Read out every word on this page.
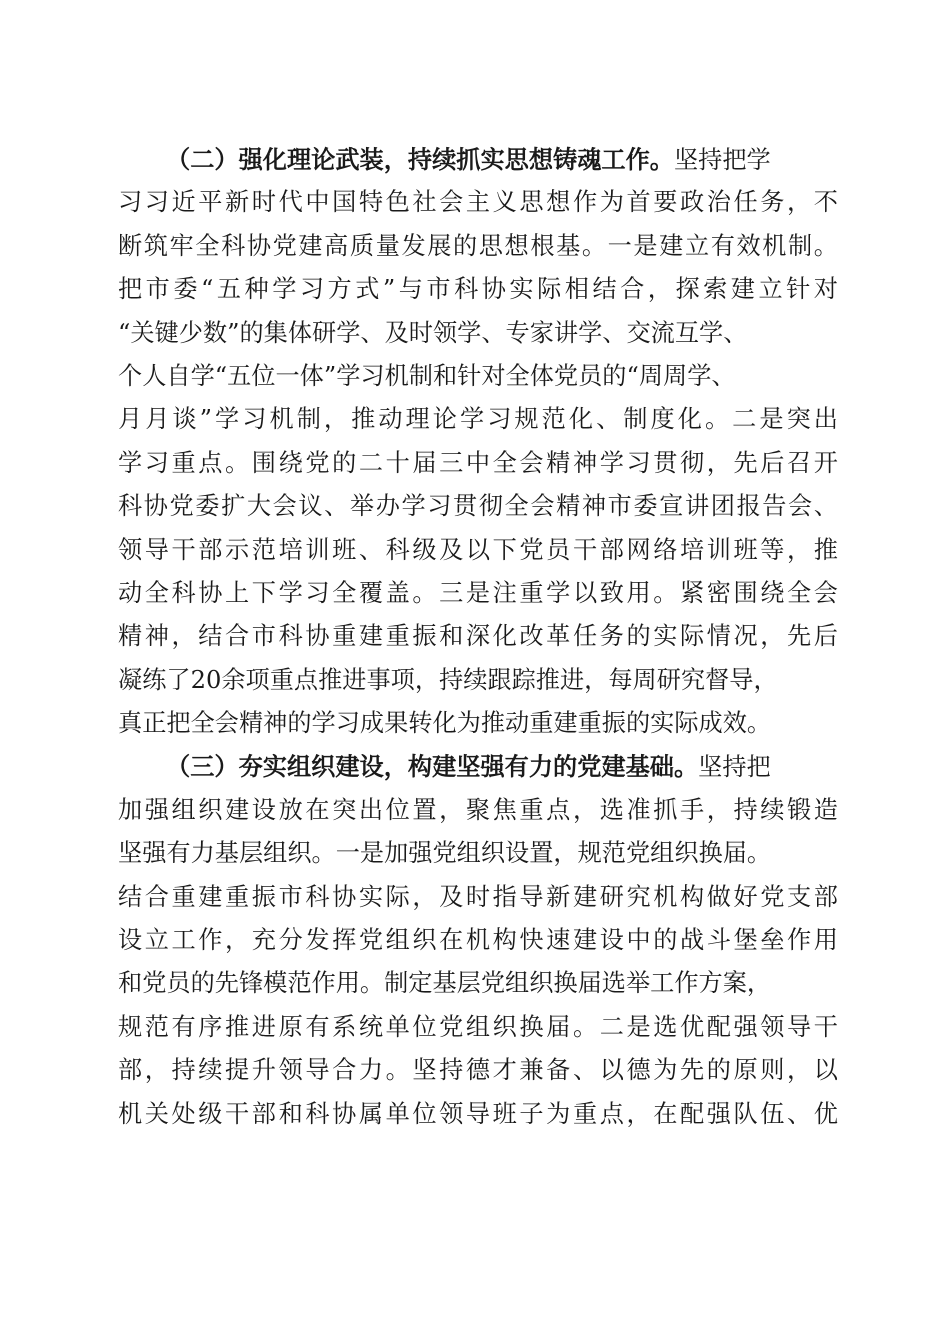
（二）强化理论武装，持续抓实思想铸魂工作。坚持把学
习习近平新时代中国特色社会主义思想作为首要政治任务，不
断筑牢全科协党建高质量发展的思想根基。一是建立有效机制。
把市委“五种学习方式”与市科协实际相结合，探索建立针对
“关键少数”的集体研学、及时领学、专家讲学、交流互学、
个人自学“五位一体”学习机制和针对全体党员的“周周学、
月月谈”学习机制，推动理论学习规范化、制度化。二是突出
学习重点。围绕党的二十届三中全会精神学习贯彻，先后召开
科协党委扩大会议、举办学习贯彻全会精神市委宣讲团报告会、
领导干部示范培训班、科级及以下党员干部网络培训班等，推
动全科协上下学习全覆盖。三是注重学以致用。紧密围绕全会
精神，结合市科协重建重振和深化改革任务的实际情况，先后
凝练了20余项重点推进事项，持续跟踪推进，每周研究督导，
真正把全会精神的学习成果转化为推动重建重振的实际成效。
（三）夯实组织建设，构建坚强有力的党建基础。坚持把
加强组织建设放在突出位置，聚焦重点，选准抓手，持续锻造
坚强有力基层组织。一是加强党组织设置，规范党组织换届。
结合重建重振市科协实际，及时指导新建研究机构做好党支部
设立工作，充分发挥党组织在机构快速建设中的战斗堡垒作用
和党员的先锋模范作用。制定基层党组织换届选举工作方案，
规范有序推进原有系统单位党组织换届。二是选优配强领导干
部，持续提升领导合力。坚持德才兼备、以德为先的原则，以
机关处级干部和科协属单位领导班子为重点，在配强队伍、优
